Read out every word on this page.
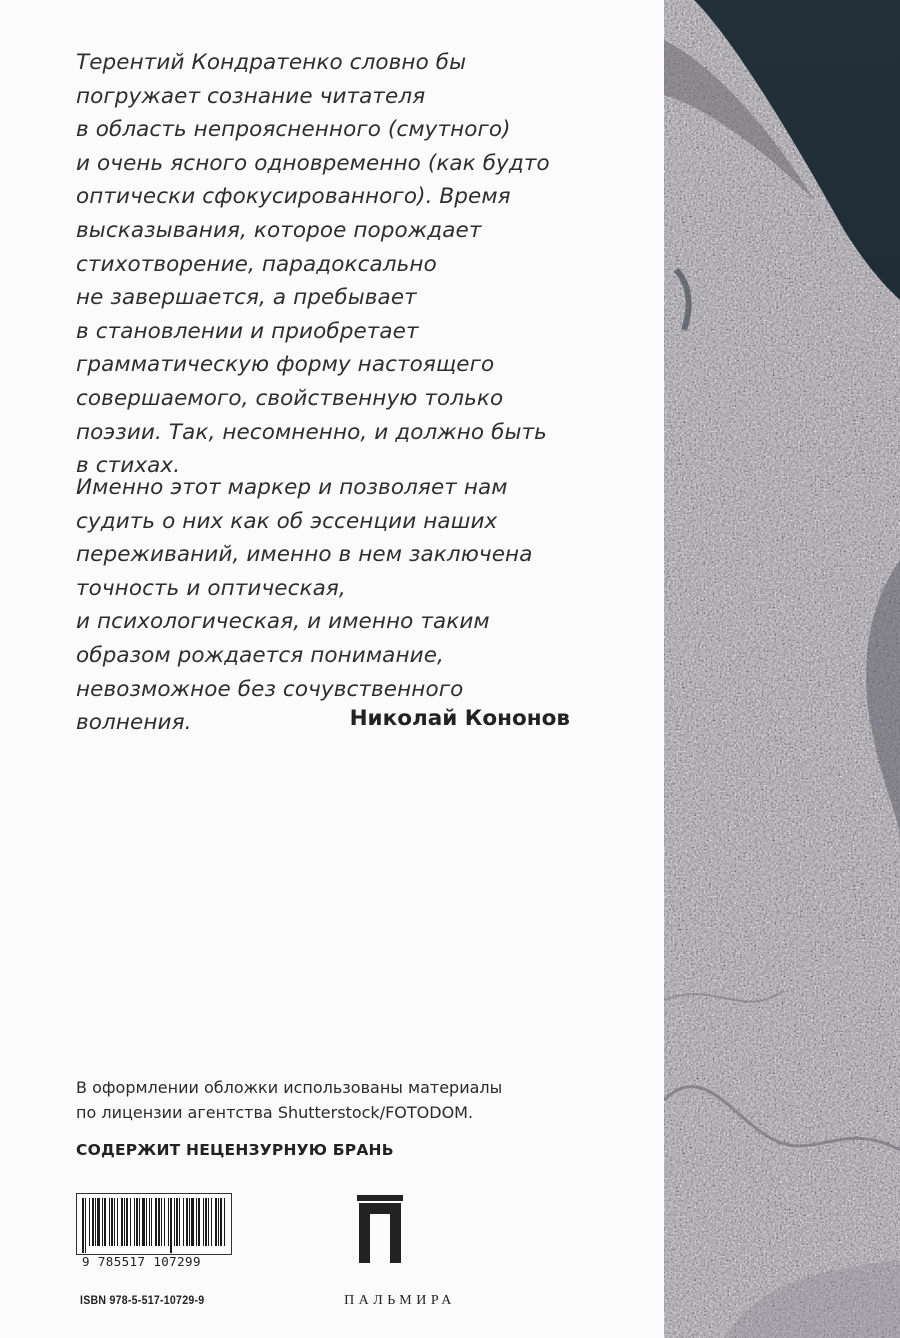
Терентий Кондратенко словно бы
погружает сознание читателя
в область непроясненного (смутного)
и очень ясного одновременно (как будто
оптически сфокусированного). Время
высказывания, которое порождает
стихотворение, парадоксально
не завершается, а пребывает
в становлении и приобретает
грамматическую форму настоящего
совершаемого, свойственную только
поэзии. Так, несомненно, и должно быть
в стихах.
Именно этот маркер и позволяет нам
судить о них как об эссенции наших
переживаний, именно в нем заключена
точность и оптическая,
и психологическая, и именно таким
образом рождается понимание,
невозможное без сочувственного
волнения.	Николай Кононов
В оформлении обложки использованы материалы
по лицензии агентства Shutterstock/FOTODOM.
СОДЕРЖИТ НЕЦЕНЗУРНУЮ БРАНЬ
9 785517 107299
ISBN 978-5-517-10729-9	ПАЛЬМИРА
